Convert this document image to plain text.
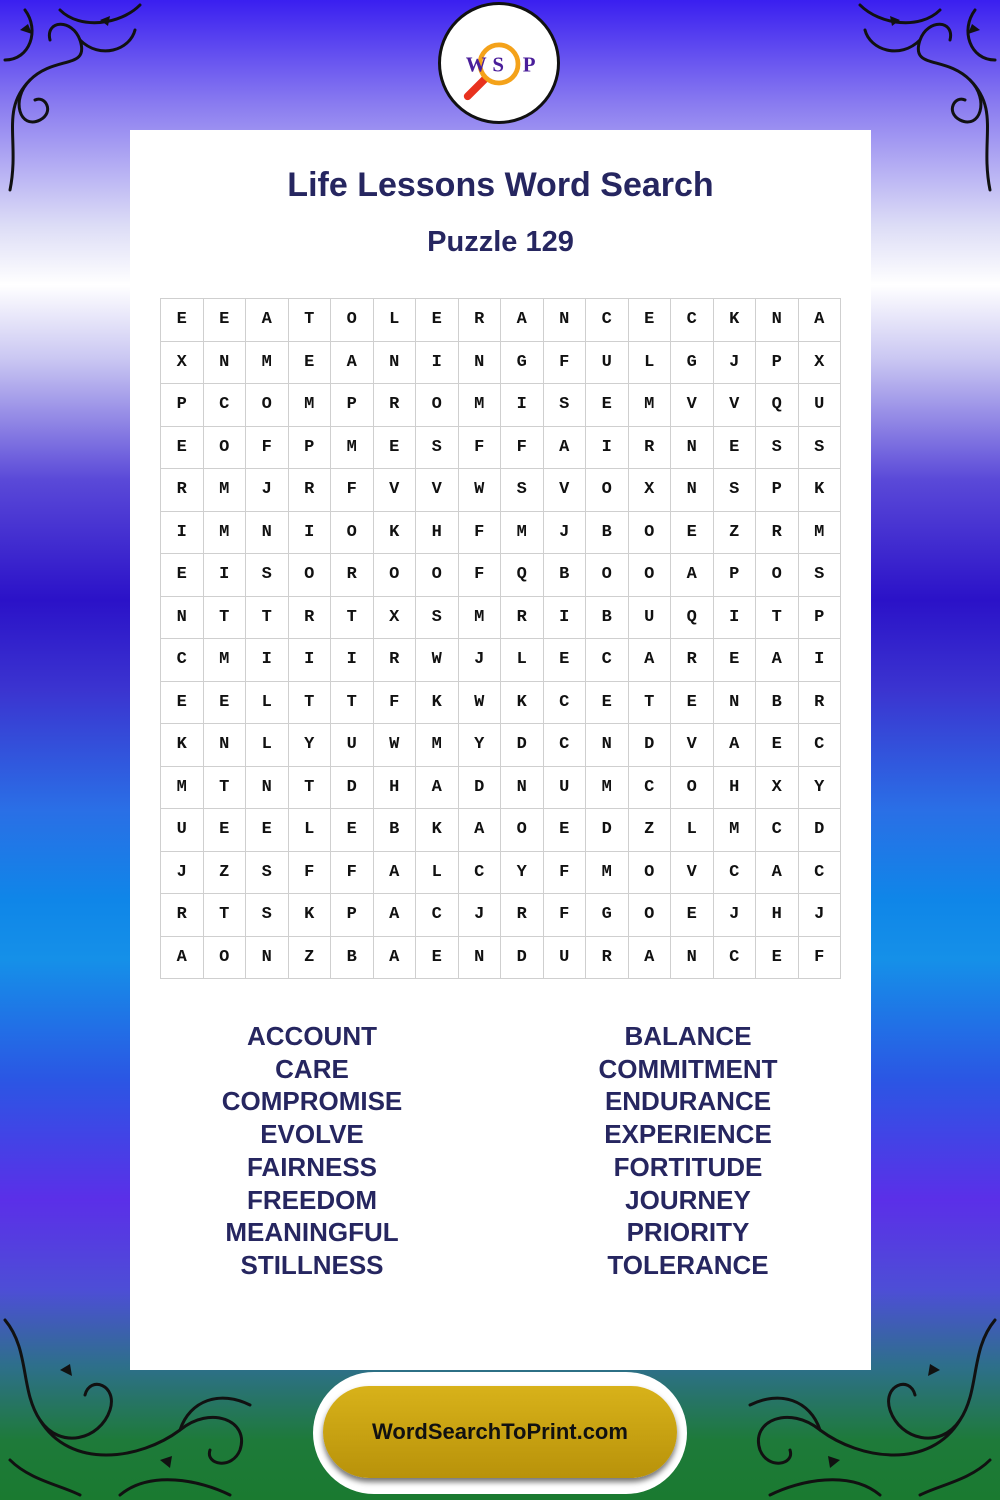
W S P
Life Lessons Word Search
Puzzle 129
E	E	A	T	O	L	E	R	A	N	C	E	C	K	N	A
X	N	M	E	A	N	I	N	G	F	U	L	G	J	P	X
P	C	O	M	P	R	O	M	I	S	E	M	V	V	Q	U
E	O	F	P	M	E	S	F	F	A	I	R	N	E	S	S
R	M	J	R	F	V	V	W	S	V	O	X	N	S	P	K
I	M	N	I	O	K	H	F	M	J	B	O	E	Z	R	M
E	I	S	O	R	O	O	F	Q	B	O	O	A	P	O	S
N	T	T	R	T	X	S	M	R	I	B	U	Q	I	T	P
C	M	I	I	I	R	W	J	L	E	C	A	R	E	A	I
E	E	L	T	T	F	K	W	K	C	E	T	E	N	B	R
K	N	L	Y	U	W	M	Y	D	C	N	D	V	A	E	C
M	T	N	T	D	H	A	D	N	U	M	C	O	H	X	Y
U	E	E	L	E	B	K	A	O	E	D	Z	L	M	C	D
J	Z	S	F	F	A	L	C	Y	F	M	O	V	C	A	C
R	T	S	K	P	A	C	J	R	F	G	O	E	J	H	J
A	O	N	Z	B	A	E	N	D	U	R	A	N	C	E	F
ACCOUNT
CARE
COMPROMISE
EVOLVE
FAIRNESS
FREEDOM
MEANINGFUL
STILLNESS
BALANCE
COMMITMENT
ENDURANCE
EXPERIENCE
FORTITUDE
JOURNEY
PRIORITY
TOLERANCE
WordSearchToPrint.com
